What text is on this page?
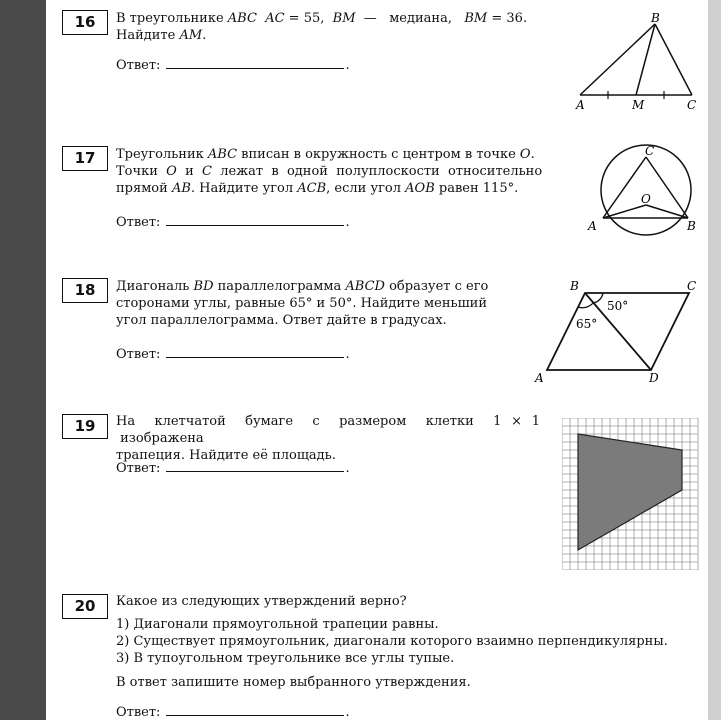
16	В треугольнике ABC AC = 55,  BM  —   медиана,   BM = 36.
Найдите AM.
Ответ:	.
A	M	C
B
17	Треугольник ABC вписан в окружность с центром в точке O.
Точки  O  и  C  лежат  в  одной  полуплоскости  относительно
прямой AB. Найдите угол ACB, если угол AOB равен 115°.
Ответ:	.
C
O
A	B
18	Диагональ BD параллелограмма ABCD образует с его
сторонами углы, равные 65° и 50°. Найдите меньший
угол параллелограмма. Ответ дайте в градусах.
Ответ:	.
B	C
A	D
50°
65°
19	На  клетчатой  бумаге  с  размером  клетки  1 × 1  изображена
трапеция. Найдите её площадь.
Ответ:	.
20	Какое из следующих утверждений верно?
1) Диагонали прямоугольной трапеции равны.
2) Существует прямоугольник, диагонали которого взаимно перпендикулярны.
3) В тупоугольном треугольнике все углы тупые.
В ответ запишите номер выбранного утверждения.
Ответ:	.
